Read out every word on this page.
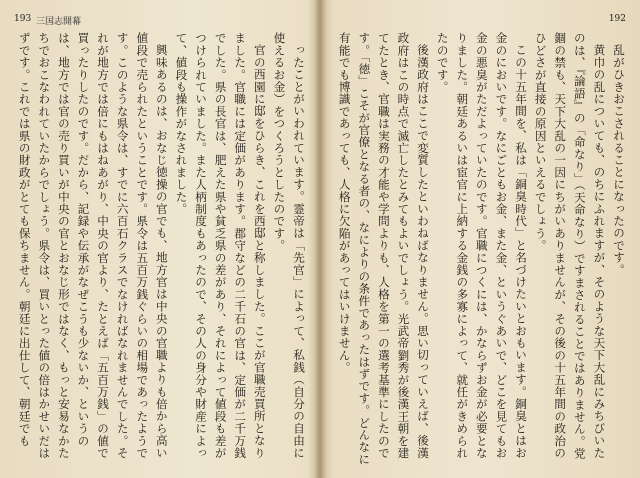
193 三国志開幕

ったことがいわれています。霊帝は「先官」によって、私銭（自分の自由に使えるお金）をつくろうとしたのです。

官の西園に邸をひらき、これを西邸と称しました。ここが官職売買所となりました。官職には定価があります。郡守などの二千石の官は、定価が二千万銭でした。県の長官は、肥えた県や貧乏県の差があり、それによって値段も差がつけられていました。また人柄制度もあったので、その人の身分や財産によって、値段も操作がなされました。

興味あるのは、おなじ徳操の官でも、地方官は中央の官職よりも倍から高い値段で売られたということです。県令は五百万銭ぐらいの相場であったようです。このような県令は、すでに六百石クラスでなければなれませんでした。それが地方では倍にもはねあがり、中央の官より、たとえば「五百万銭」の値で買ったりしたのです。だから、記録や伝承がなぜこうも少ないか、というのは、地方では官の売り買いが中央の官とおなじ形ではなく、もっと安易なかたちでおこなわれていたからでしょう。県令は、買いとった値の倍はかせいだはずです。これでは県の財政がとても保ちません。朝廷に出仕して、朝廷でも

192

乱がひきおこされることになったのです。

黄巾の乱についても、のちにふれますが、そのような天下大乱にみちびいたのは、『論語』の「命なり」（天命なり）ですまされることではありません。党錮の禁も、天下大乱の一因にちがいありませんが、その後の十五年間の政治のひどさが直接の原因といえるでしょう。

この十五年間を、私は「銅臭時代」と名づけたいとおもいます。銅臭とはお金のにおいです。なにごともお金、また金、というぐあいで、どこを見てもお金の悪臭がただよっていたのです。官職につくには、かならずお金が必要となりました。朝廷あるいは宦官に上納する金銭の多寡によって、就任がきめられたのです。

後漢政府はここで変質したといわねばなりません。思い切っていえば、後漢政府はこの時点で滅亡したとみてもよいでしょう。光武帝劉秀が後漢王朝を建てたとき、官職は実務の才能や学問よりも、人格を第一の選考基準にしたのです。「徳」こそが官僚となる者の、なによりの条件であったはずです。どんなに有能でも博識であっても、人格に欠陥があってはいけません。
